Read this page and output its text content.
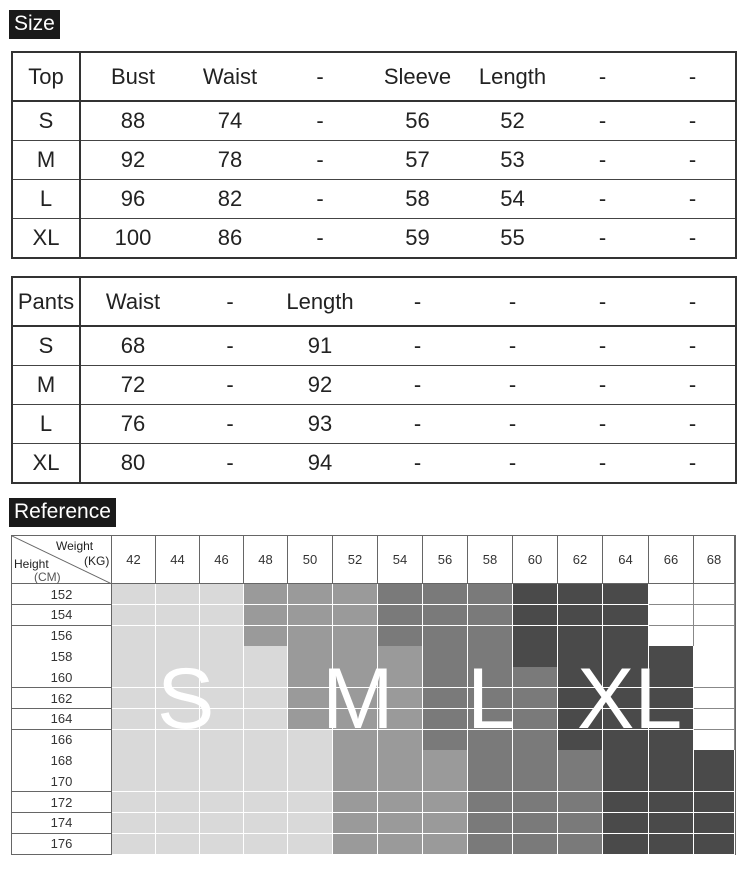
Size
Top	Bust	Waist	-	Sleeve	Length	-	-
S	88	74	-	56	52	-	-
M	92	78	-	57	53	-	-
L	96	82	-	58	54	-	-
XL	100	86	-	59	55	-	-
Pants	Waist	-	Length	-	-	-	-
S	68	-	91	-	-	-	-
M	72	-	92	-	-	-	-
L	76	-	93	-	-	-	-
XL	80	-	94	-	-	-	-
Reference
Weight
(KG)
Height
(CM)
42	44	46	48	50	52	54	56	58	60	62	64	66	68
152
154
156
158
160
162
164
166
168
170
172
174
176
S M L XL
